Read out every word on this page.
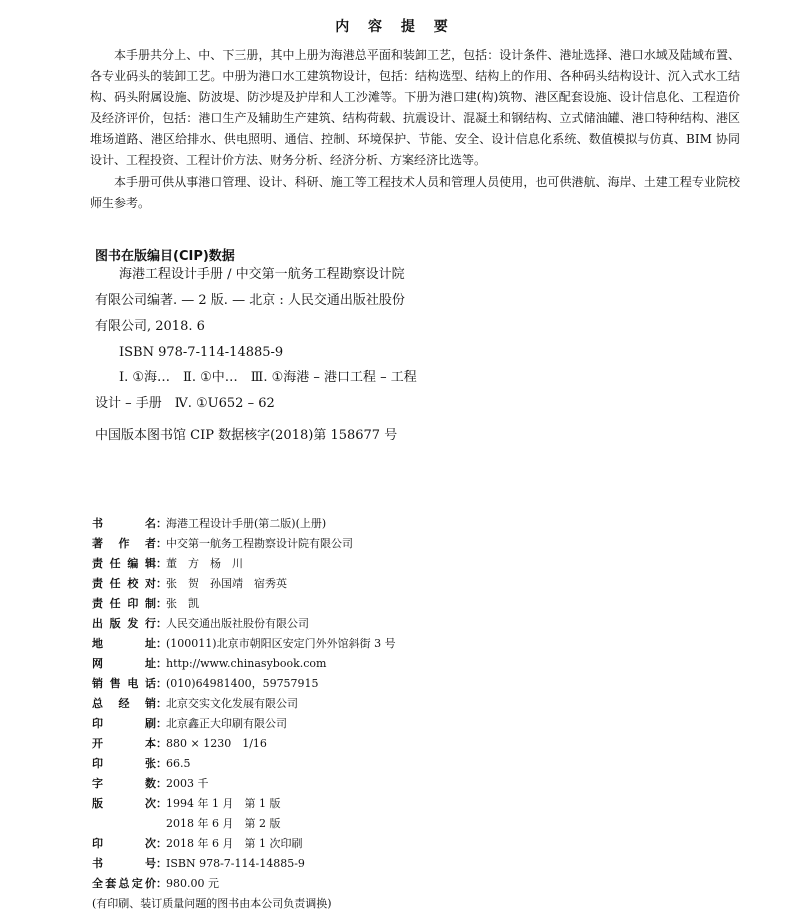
内 容 提 要

本手册共分上、中、下三册，其中上册为海港总平面和装卸工艺，包括：设计条件、港址选择、港口水域及陆域布置、各专业码头的装卸工艺。中册为港口水工建筑物设计，包括：结构选型、结构上的作用、各种码头结构设计、沉入式水工结构、码头附属设施、防波堤、防沙堤及护岸和人工沙滩等。下册为港口建(构)筑物、港区配套设施、设计信息化、工程造价及经济评价，包括：港口生产及辅助生产建筑、结构荷载、抗震设计、混凝土和钢结构、立式储油罐、港口特种结构、港区堆场道路、港区给排水、供电照明、通信、控制、环境保护、节能、安全、设计信息化系统、数值模拟与仿真、BIM 协同设计、工程投资、工程计价方法、财务分析、经济分析、方案经济比选等。

本手册可供从事港口管理、设计、科研、施工等工程技术人员和管理人员使用，也可供港航、海岸、土建工程专业院校师生参考。

图书在版编目(CIP)数据
海港工程设计手册 / 中交第一航务工程勘察设计院
有限公司编著. — 2 版. — 北京 : 人民交通出版社股份
有限公司, 2018. 6
ISBN 978-7-114-14885-9
Ⅰ. ①海…　Ⅱ. ①中…　Ⅲ. ①海港 – 港口工程 – 工程
设计 – 手册　Ⅳ. ①U652 – 62
中国版本图书馆 CIP 数据核字(2018)第 158677 号
书名：海港工程设计手册(第二版)(上册)
著作者：中交第一航务工程勘察设计院有限公司
责任编辑：董　方　杨　川
责任校对：张　贺　孙国靖　宿秀英
责任印制：张　凯
出版发行：人民交通出版社股份有限公司
地址：(100011)北京市朝阳区安定门外外馆斜街 3 号
网址：http://www.chinasybook.com
销售电话：(010)64981400，59757915
总经销：北京交实文化发展有限公司
印刷：北京鑫正大印刷有限公司
开本：880 × 1230　1/16
印张：66.5
字数：2003 千
版次：1994 年 1 月　第 1 版
2018 年 6 月　第 2 版
印次：2018 年 6 月　第 1 次印刷
书号：ISBN 978-7-114-14885-9
全套总定价：980.00 元
(有印刷、装订质量问题的图书由本公司负责调换)
